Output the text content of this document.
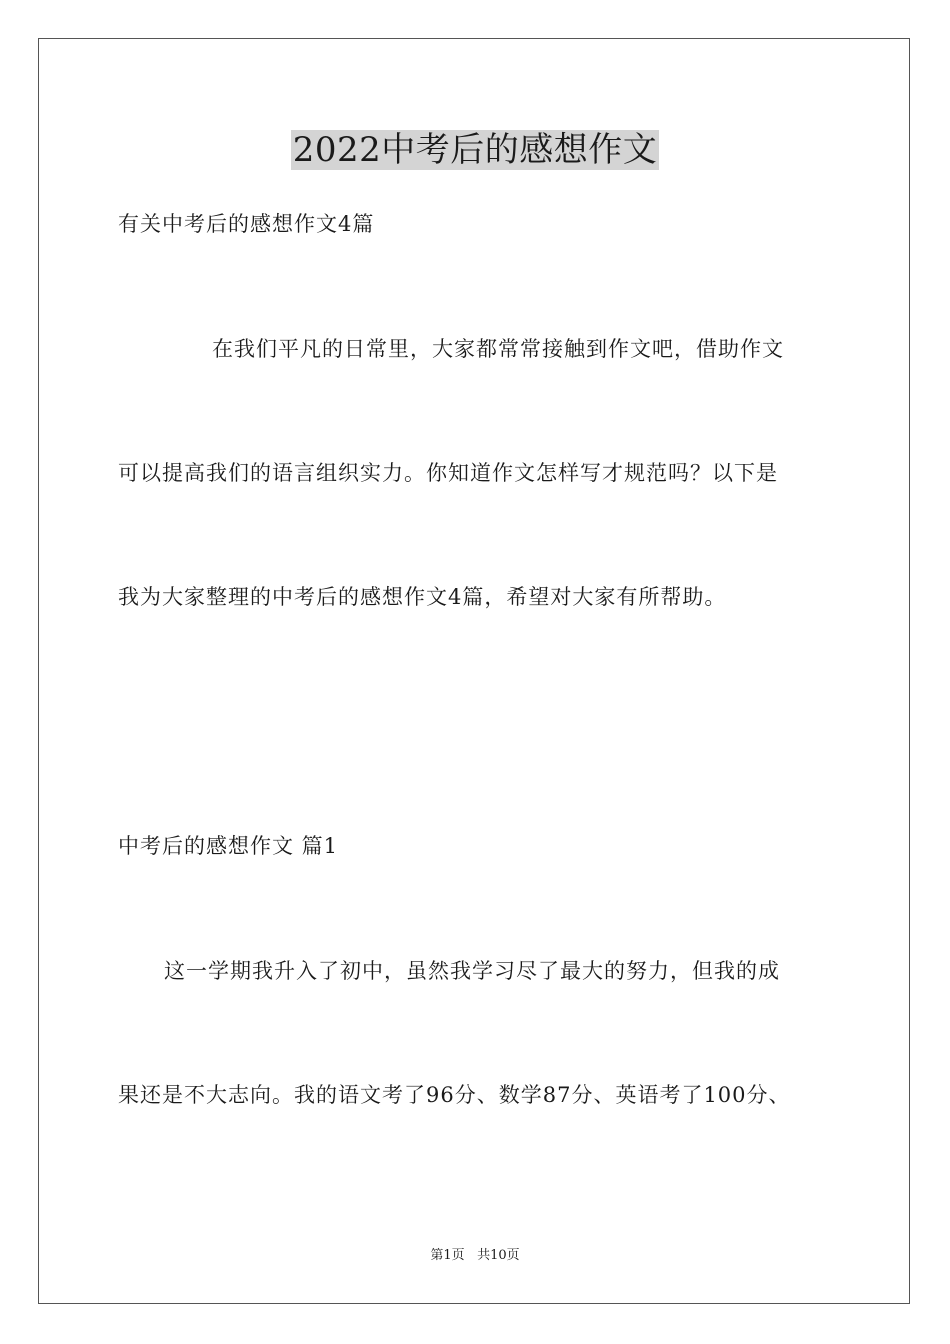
2022中考后的感想作文
有关中考后的感想作文4篇
在我们平凡的日常里，大家都常常接触到作文吧，借助作文
可以提高我们的语言组织实力。你知道作文怎样写才规范吗？以下是
我为大家整理的中考后的感想作文4篇，希望对大家有所帮助。
中考后的感想作文 篇1
这一学期我升入了初中，虽然我学习尽了最大的努力，但我的成
果还是不大志向。我的语文考了96分、数学87分、英语考了100分、
第1页 共10页
